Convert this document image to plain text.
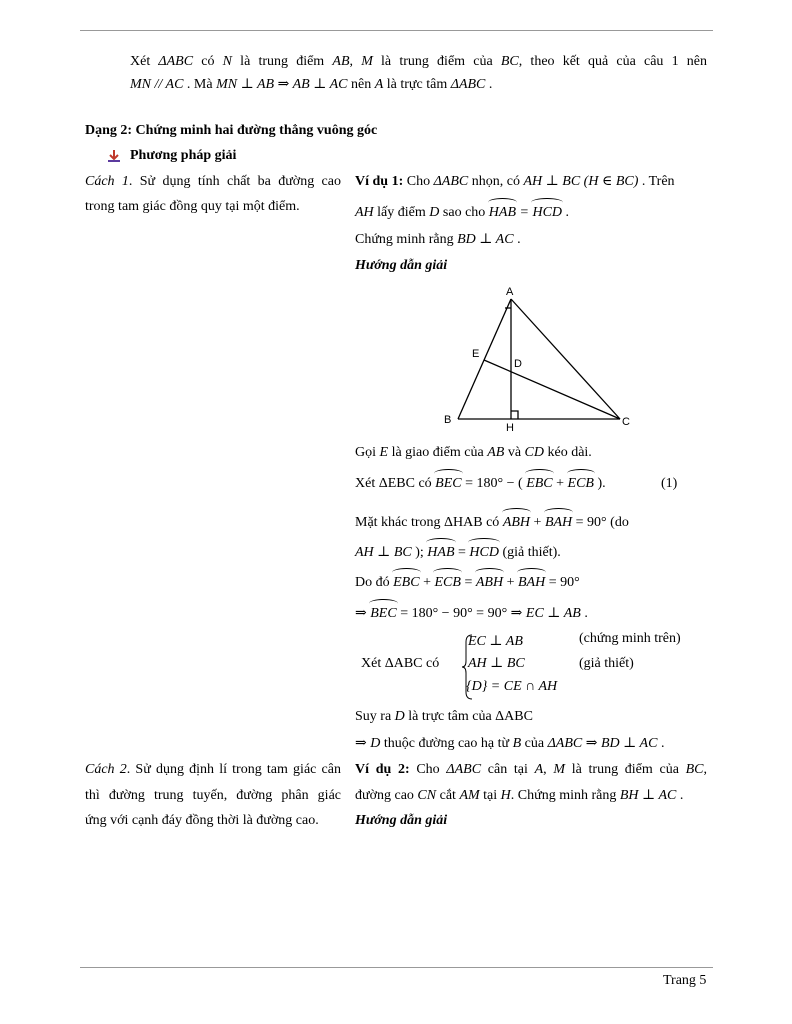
Xét ΔABC có N là trung điểm AB, M là trung điểm của BC, theo kết quả của câu 1 nên
MN // AC . Mà MN ⊥ AB ⇒ AB ⊥ AC nên A là trực tâm ΔABC .
Dạng 2: Chứng minh hai đường thẳng vuông góc
Phương pháp giải
Cách 1. Sử dụng tính chất ba đường cao
trong tam giác đồng quy tại một điểm.
Ví dụ 1: Cho ΔABC nhọn, có AH ⊥ BC (H ∈ BC) . Trên
AH lấy điểm D sao cho HAB = HCD .
Chứng minh rằng BD ⊥ AC .
Hướng dẫn giải
A
B	C
H
E
D
Gọi E là giao điểm của AB và CD kéo dài.
Xét ΔEBC có BEC = 180° − ( EBC + ECB ).	(1)
Mặt khác trong ΔHAB có ABH + BAH = 90° (do
AH ⊥ BC ); HAB = HCD (giả thiết).
Do đó EBC + ECB = ABH + BAH = 90°
⇒ BEC = 180° − 90° = 90° ⇒ EC ⊥ AB .
Xét ΔABC có
EC ⊥ AB
AH ⊥ BC
{D} = CE ∩ AH
(chứng minh trên)
(giả thiết)
Suy ra D là trực tâm của ΔABC
⇒ D thuộc đường cao hạ từ B của ΔABC ⇒ BD ⊥ AC .
Cách 2. Sử dụng định lí trong tam giác cân
thì đường trung tuyến, đường phân giác
ứng với cạnh đáy đồng thời là đường cao.
Ví dụ 2: Cho ΔABC cân tại A, M là trung điểm của BC,
đường cao CN cắt AM tại H. Chứng minh rằng BH ⊥ AC .
Hướng dẫn giải
Trang 5
